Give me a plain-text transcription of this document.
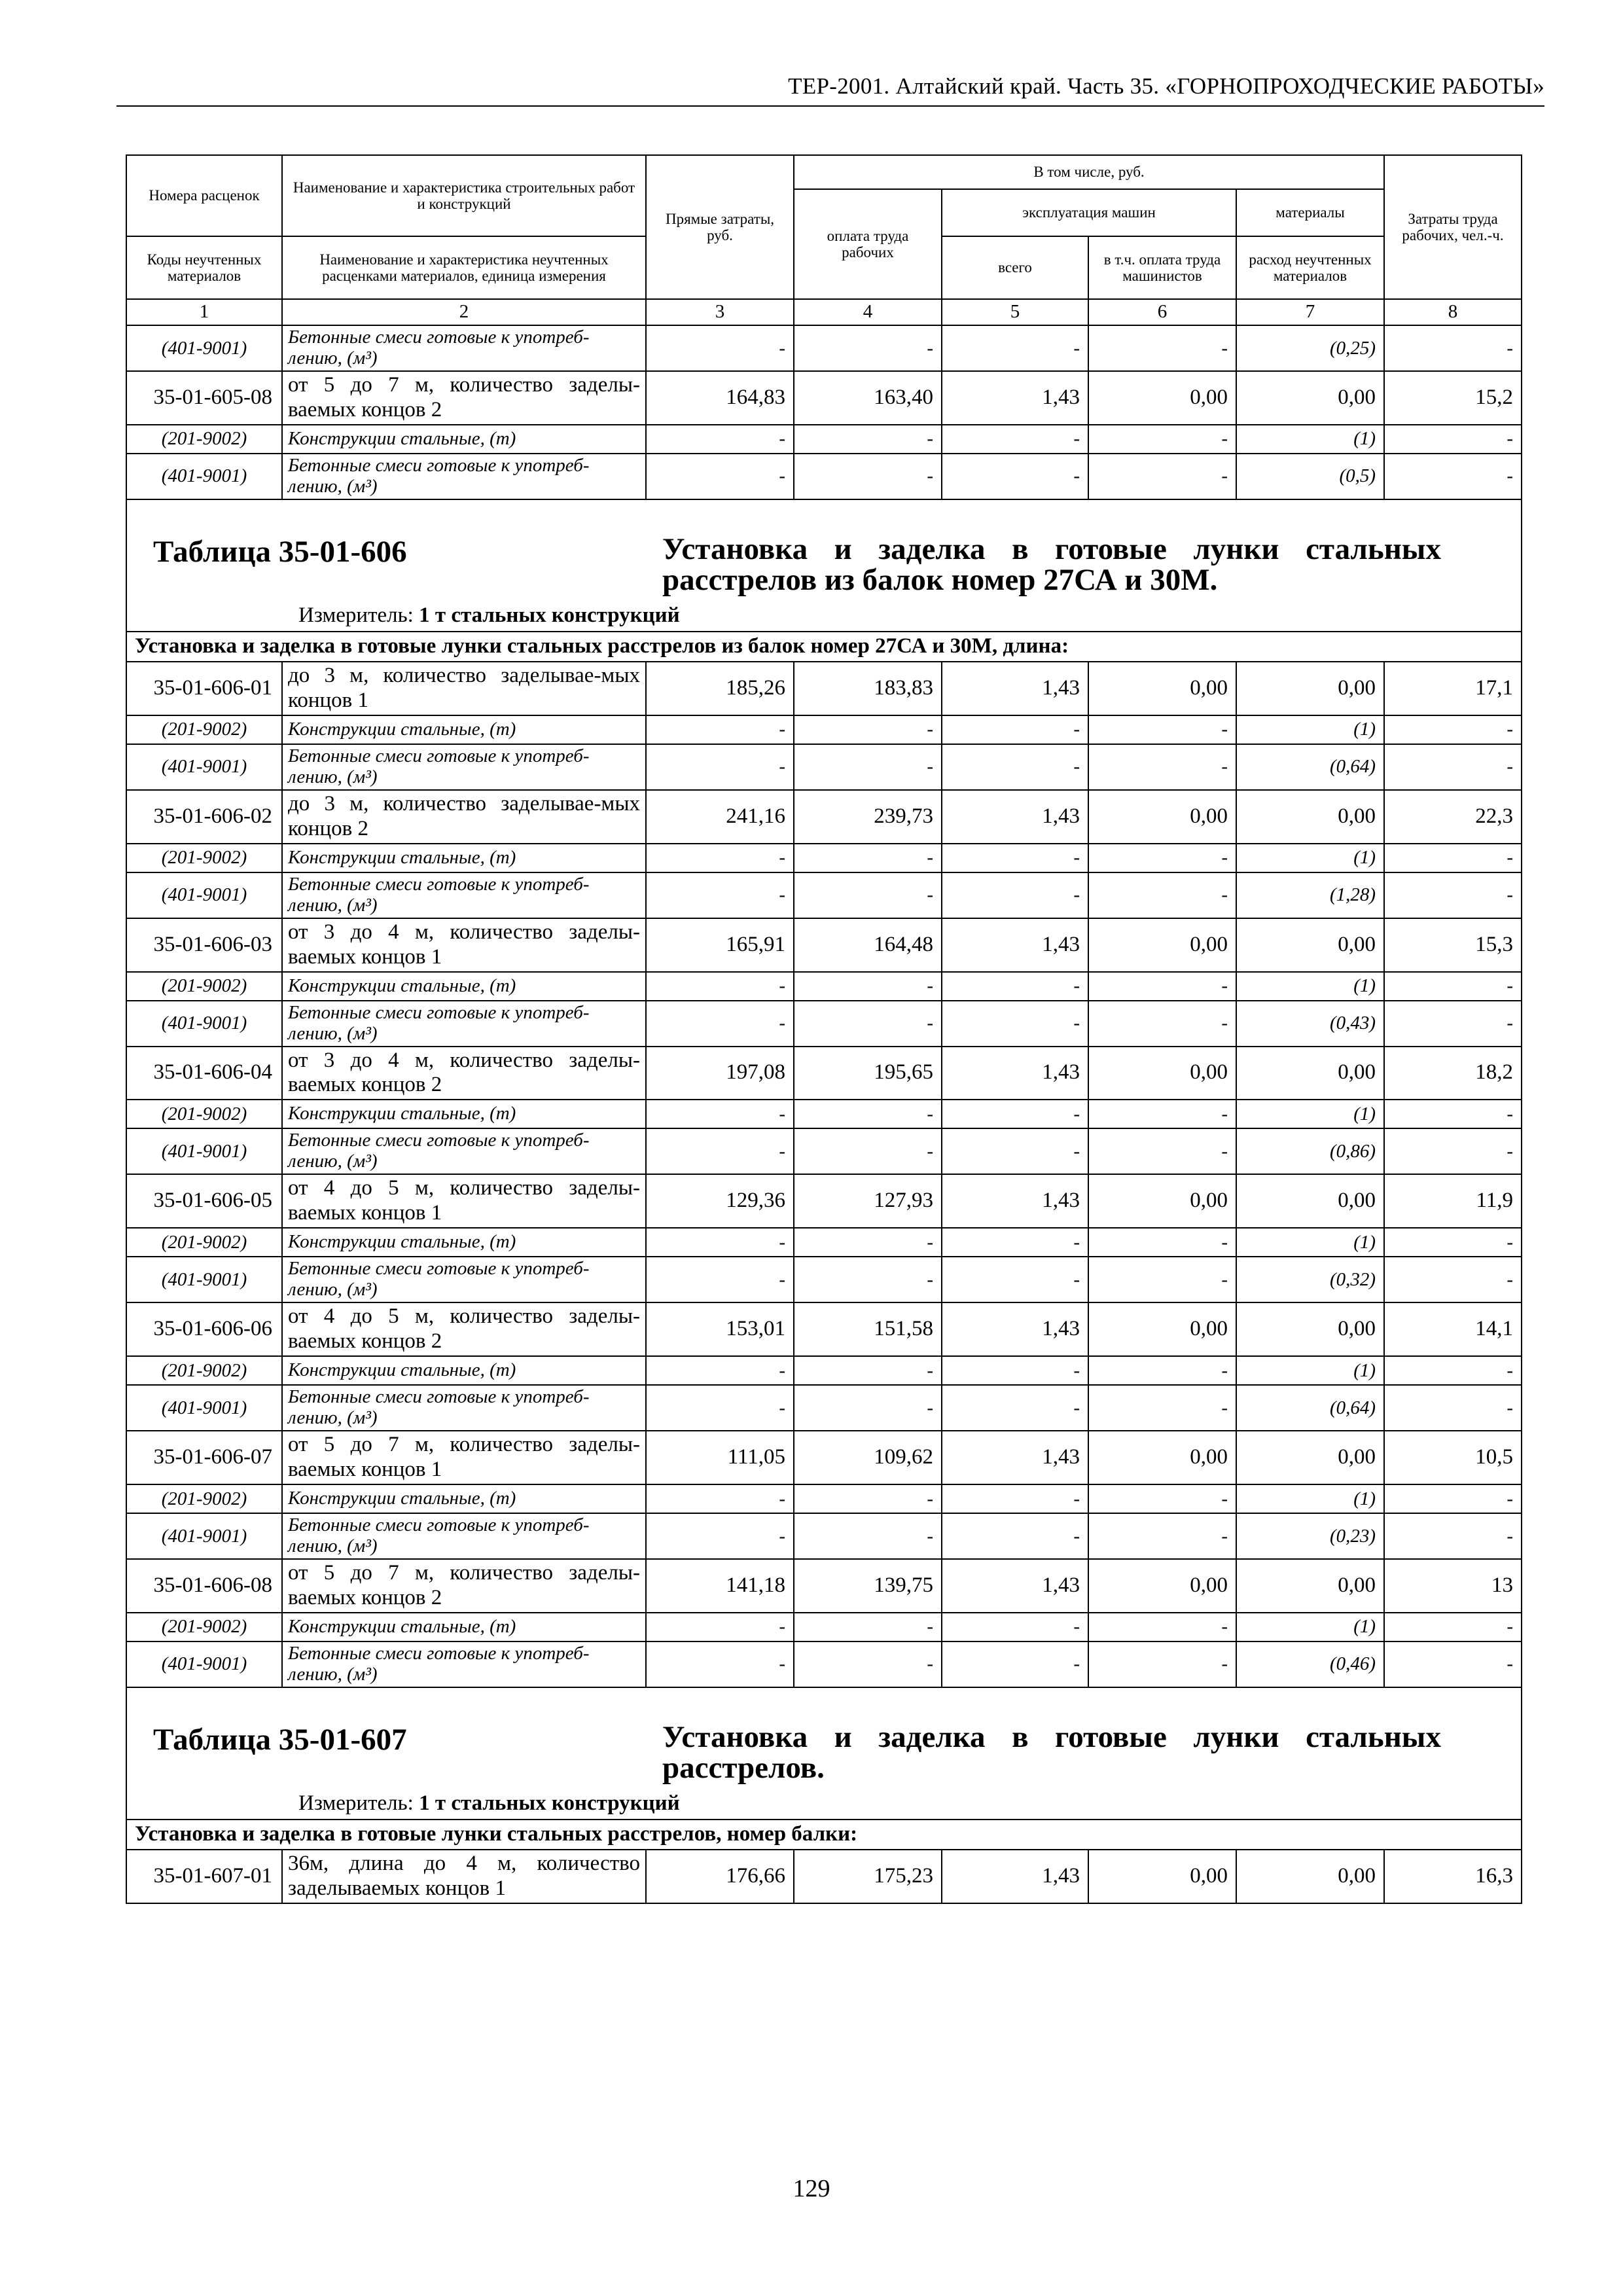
ТЕР-2001. Алтайский край. Часть 35. «ГОРНОПРОХОДЧЕСКИЕ РАБОТЫ»
Номера расценок	Наименование и характеристика строительных работ и конструкций	Прямые затраты, руб.	В том числе, руб.				Затраты труда рабочих, чел.-ч.
			оплата труда рабочих	эксплуатация машин		материалы	
Коды неучтенных материалов	Наименование и характеристика неучтенных расценками материалов, единица измерения			всего	в т.ч. оплата труда машинистов	расход неучтенных материалов	
1	2	3	4	5	6	7	8
(401-9001)	Бетонные смеси готовые к употреб-лению, (м³)	-	-	-	-	(0,25)	-
35-01-605-08	от 5 до 7 м, количество заделы-ваемых концов 2	164,83	163,40	1,43	0,00	0,00	15,2
(201-9002)	Конструкции стальные, (т)	-	-	-	-	(1)	-
(401-9001)	Бетонные смеси готовые к употреб-лению, (м³)	-	-	-	-	(0,5)	-

Таблица 35-01-606 Установка и заделка в готовые лунки стальных расстрелов из балок номер 27СА и 30М.
Измеритель: 1 т стальных конструкций							

Установка и заделка в готовые лунки стальных расстрелов из балок номер 27СА и 30М, длина:							
35-01-606-01	до 3 м, количество заделывае-мых концов 1	185,26	183,83	1,43	0,00	0,00	17,1
(201-9002)	Конструкции стальные, (т)	-	-	-	-	(1)	-
(401-9001)	Бетонные смеси готовые к употреб-лению, (м³)	-	-	-	-	(0,64)	-
35-01-606-02	до 3 м, количество заделывае-мых концов 2	241,16	239,73	1,43	0,00	0,00	22,3
(201-9002)	Конструкции стальные, (т)	-	-	-	-	(1)	-
(401-9001)	Бетонные смеси готовые к употреб-лению, (м³)	-	-	-	-	(1,28)	-
35-01-606-03	от 3 до 4 м, количество заделы-ваемых концов 1	165,91	164,48	1,43	0,00	0,00	15,3
(201-9002)	Конструкции стальные, (т)	-	-	-	-	(1)	-
(401-9001)	Бетонные смеси готовые к употреб-лению, (м³)	-	-	-	-	(0,43)	-
35-01-606-04	от 3 до 4 м, количество заделы-ваемых концов 2	197,08	195,65	1,43	0,00	0,00	18,2
(201-9002)	Конструкции стальные, (т)	-	-	-	-	(1)	-
(401-9001)	Бетонные смеси готовые к употреб-лению, (м³)	-	-	-	-	(0,86)	-
35-01-606-05	от 4 до 5 м, количество заделы-ваемых концов 1	129,36	127,93	1,43	0,00	0,00	11,9
(201-9002)	Конструкции стальные, (т)	-	-	-	-	(1)	-
(401-9001)	Бетонные смеси готовые к употреб-лению, (м³)	-	-	-	-	(0,32)	-
35-01-606-06	от 4 до 5 м, количество заделы-ваемых концов 2	153,01	151,58	1,43	0,00	0,00	14,1
(201-9002)	Конструкции стальные, (т)	-	-	-	-	(1)	-
(401-9001)	Бетонные смеси готовые к употреб-лению, (м³)	-	-	-	-	(0,64)	-
35-01-606-07	от 5 до 7 м, количество заделы-ваемых концов 1	111,05	109,62	1,43	0,00	0,00	10,5
(201-9002)	Конструкции стальные, (т)	-	-	-	-	(1)	-
(401-9001)	Бетонные смеси готовые к употреб-лению, (м³)	-	-	-	-	(0,23)	-
35-01-606-08	от 5 до 7 м, количество заделы-ваемых концов 2	141,18	139,75	1,43	0,00	0,00	13
(201-9002)	Конструкции стальные, (т)	-	-	-	-	(1)	-
(401-9001)	Бетонные смеси готовые к употреб-лению, (м³)	-	-	-	-	(0,46)	-

Таблица 35-01-607 Установка и заделка в готовые лунки стальных расстрелов.
Измеритель: 1 т стальных конструкций							

Установка и заделка в готовые лунки стальных расстрелов, номер балки:							
35-01-607-01	36м, длина до 4 м, количество заделываемых концов 1	176,66	175,23	1,43	0,00	0,00	16,3
129
